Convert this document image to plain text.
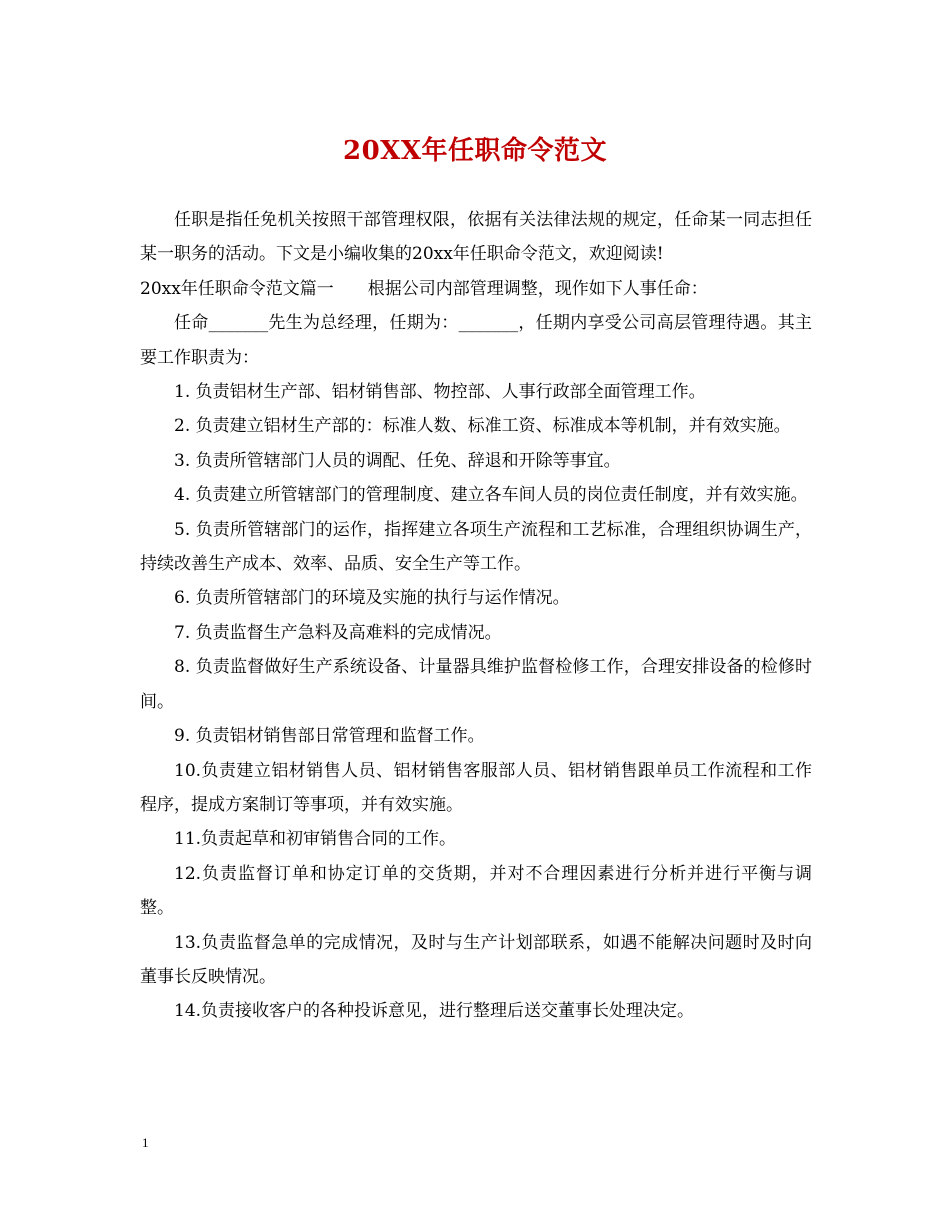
20XX年任职命令范文

任职是指任免机关按照干部管理权限，依据有关法律法规的规定，任命某一同志担任某一职务的活动。下文是小编收集的20xx年任职命令范文，欢迎阅读!

20xx年任职命令范文篇一　　根据公司内部管理调整，现作如下人事任命：

任命_______先生为总经理，任期为：_______，任期内享受公司高层管理待遇。其主要工作职责为：

1. 负责铝材生产部、铝材销售部、物控部、人事行政部全面管理工作。

2. 负责建立铝材生产部的：标准人数、标准工资、标准成本等机制，并有效实施。

3. 负责所管辖部门人员的调配、任免、辞退和开除等事宜。

4. 负责建立所管辖部门的管理制度、建立各车间人员的岗位责任制度，并有效实施。

5. 负责所管辖部门的运作，指挥建立各项生产流程和工艺标准，合理组织协调生产，持续改善生产成本、效率、品质、安全生产等工作。

6. 负责所管辖部门的环境及实施的执行与运作情况。

7. 负责监督生产急料及高难料的完成情况。

8. 负责监督做好生产系统设备、计量器具维护监督检修工作，合理安排设备的检修时间。

9. 负责铝材销售部日常管理和监督工作。

10.负责建立铝材销售人员、铝材销售客服部人员、铝材销售跟单员工作流程和工作程序，提成方案制订等事项，并有效实施。

11.负责起草和初审销售合同的工作。

12.负责监督订单和协定订单的交货期，并对不合理因素进行分析并进行平衡与调整。

13.负责监督急单的完成情况，及时与生产计划部联系，如遇不能解决问题时及时向董事长反映情况。

14.负责接收客户的各种投诉意见，进行整理后送交董事长处理决定。

1
